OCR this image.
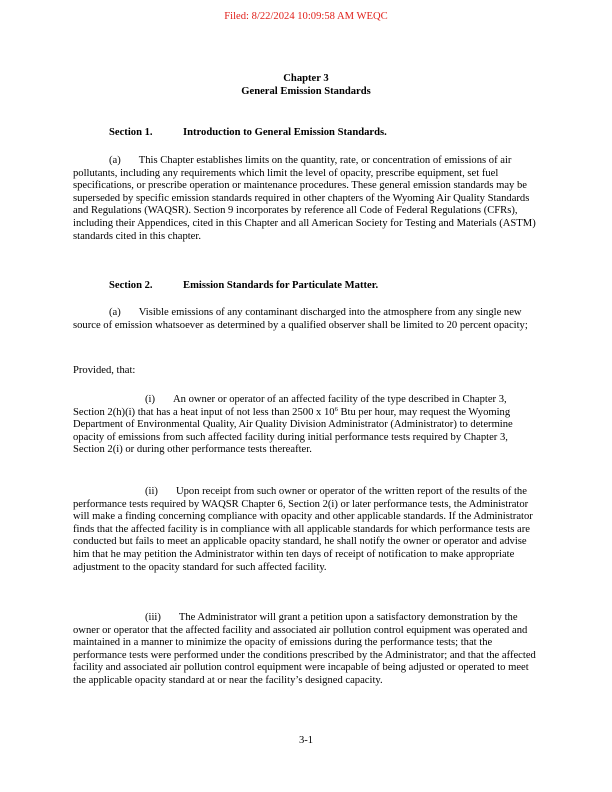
Filed: 8/22/2024 10:09:58 AM WEQC
Chapter 3
General Emission Standards
Section 1.	Introduction to General Emission Standards.
(a) This Chapter establishes limits on the quantity, rate, or concentration of emissions of air pollutants, including any requirements which limit the level of opacity, prescribe equipment, set fuel specifications, or prescribe operation or maintenance procedures. These general emission standards may be superseded by specific emission standards required in other chapters of the Wyoming Air Quality Standards and Regulations (WAQSR). Section 9 incorporates by reference all Code of Federal Regulations (CFRs), including their Appendices, cited in this Chapter and all American Society for Testing and Materials (ASTM) standards cited in this chapter.
Section 2.	Emission Standards for Particulate Matter.
(a) Visible emissions of any contaminant discharged into the atmosphere from any single new source of emission whatsoever as determined by a qualified observer shall be limited to 20 percent opacity;
Provided, that:
(i) An owner or operator of an affected facility of the type described in Chapter 3, Section 2(h)(i) that has a heat input of not less than 2500 x $10^6$ Btu per hour, may request the Wyoming Department of Environmental Quality, Air Quality Division Administrator (Administrator) to determine opacity of emissions from such affected facility during initial performance tests required by Chapter 3, Section 2(i) or during other performance tests thereafter.
(ii) Upon receipt from such owner or operator of the written report of the results of the performance tests required by WAQSR Chapter 6, Section 2(i) or later performance tests, the Administrator will make a finding concerning compliance with opacity and other applicable standards. If the Administrator finds that the affected facility is in compliance with all applicable standards for which performance tests are conducted but fails to meet an applicable opacity standard, he shall notify the owner or operator and advise him that he may petition the Administrator within ten days of receipt of notification to make appropriate adjustment to the opacity standard for such affected facility.
(iii) The Administrator will grant a petition upon a satisfactory demonstration by the owner or operator that the affected facility and associated air pollution control equipment was operated and maintained in a manner to minimize the opacity of emissions during the performance tests; that the performance tests were performed under the conditions prescribed by the Administrator; and that the affected facility and associated air pollution control equipment were incapable of being adjusted or operated to meet the applicable opacity standard at or near the facility’s designed capacity.
3-1
